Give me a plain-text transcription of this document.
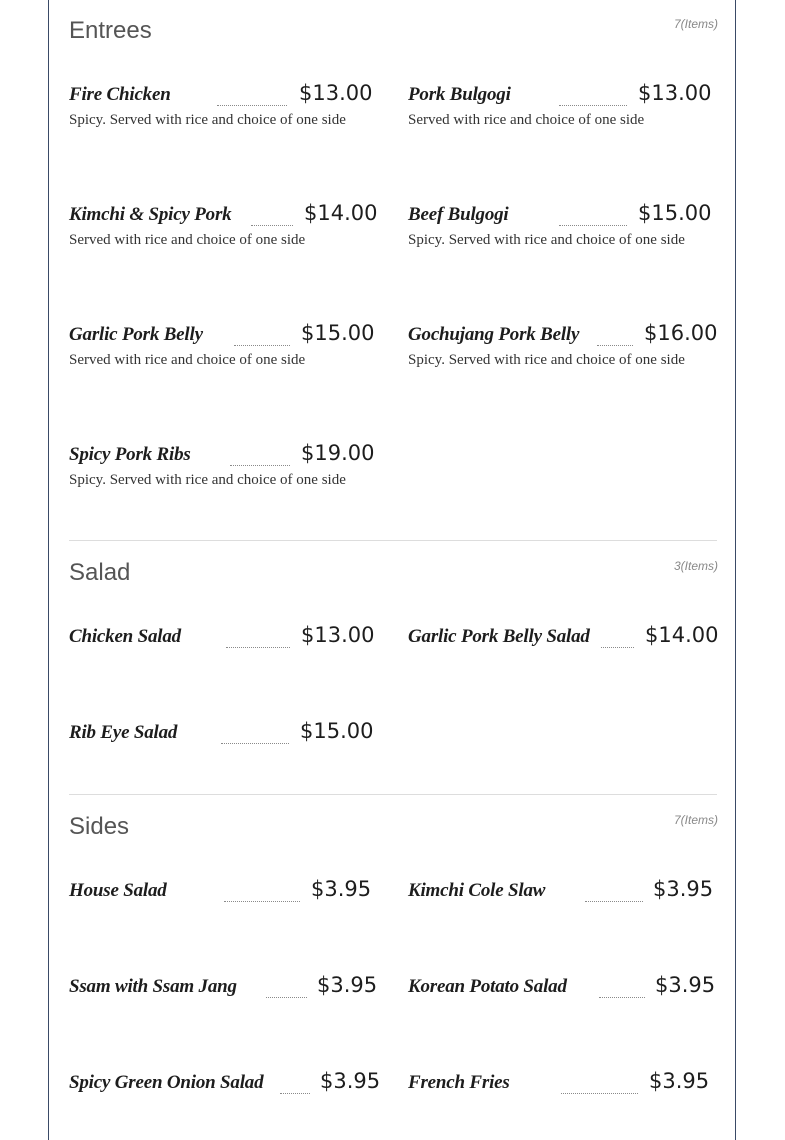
Entrees	7(Items)
Fire Chicken	$13.00
Spicy. Served with rice and choice of one side
Pork Bulgogi	$13.00
Served with rice and choice of one side
Kimchi & Spicy Pork	$14.00
Served with rice and choice of one side
Beef Bulgogi	$15.00
Spicy. Served with rice and choice of one side
Garlic Pork Belly	$15.00
Served with rice and choice of one side
Gochujang Pork Belly	$16.00
Spicy. Served with rice and choice of one side
Spicy Pork Ribs	$19.00
Spicy. Served with rice and choice of one side
Salad	3(Items)
Chicken Salad	$13.00 Garlic Pork Belly Salad	$14.00
Rib Eye Salad	$15.00
Sides	7(Items)
House Salad	$3.95 Kimchi Cole Slaw	$3.95
Ssam with Ssam Jang	$3.95 Korean Potato Salad	$3.95
Spicy Green Onion Salad	$3.95 French Fries	$3.95
